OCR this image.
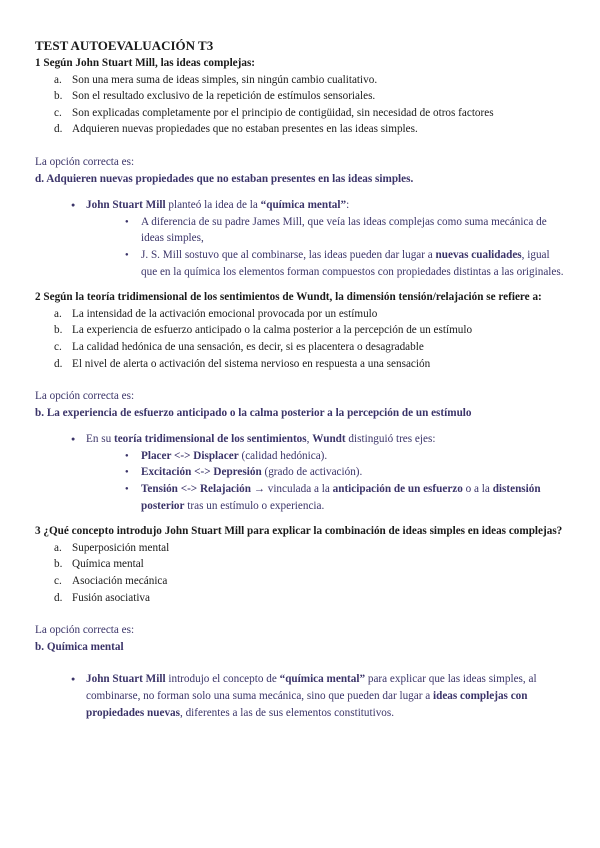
TEST AUTOEVALUACIÓN T3

1 Según John Stuart Mill, las ideas complejas:

a. Son una mera suma de ideas simples, sin ningún cambio cualitativo.
b. Son el resultado exclusivo de la repetición de estímulos sensoriales.
c. Son explicadas completamente por el principio de contigüidad, sin necesidad de otros factores
d. Adquieren nuevas propiedades que no estaban presentes en las ideas simples.

La opción correcta es:

d. Adquieren nuevas propiedades que no estaban presentes en las ideas simples.

● John Stuart Mill planteó la idea de la “química mental”:
● A diferencia de su padre James Mill, que veía las ideas complejas como suma mecánica de ideas simples,
● J. S. Mill sostuvo que al combinarse, las ideas pueden dar lugar a nuevas cualidades, igual que en la química los elementos forman compuestos con propiedades distintas a las originales.

2 Según la teoría tridimensional de los sentimientos de Wundt, la dimensión tensión/relajación se refiere a:

a. La intensidad de la activación emocional provocada por un estímulo
b. La experiencia de esfuerzo anticipado o la calma posterior a la percepción de un estímulo
c. La calidad hedónica de una sensación, es decir, si es placentera o desagradable
d. El nivel de alerta o activación del sistema nervioso en respuesta a una sensación

La opción correcta es:

b. La experiencia de esfuerzo anticipado o la calma posterior a la percepción de un estímulo

● En su teoría tridimensional de los sentimientos, Wundt distinguió tres ejes:
● Placer <-> Displacer (calidad hedónica).
● Excitación <-> Depresión (grado de activación).
● Tensión <-> Relajación → vinculada a la anticipación de un esfuerzo o a la distensión posterior tras un estímulo o experiencia.

3 ¿Qué concepto introdujo John Stuart Mill para explicar la combinación de ideas simples en ideas complejas?

a. Superposición mental
b. Química mental
c. Asociación mecánica
d. Fusión asociativa

La opción correcta es:

b. Química mental

● John Stuart Mill introdujo el concepto de “química mental” para explicar que las ideas simples, al combinarse, no forman solo una suma mecánica, sino que pueden dar lugar a ideas complejas con propiedades nuevas, diferentes a las de sus elementos constitutivos.
